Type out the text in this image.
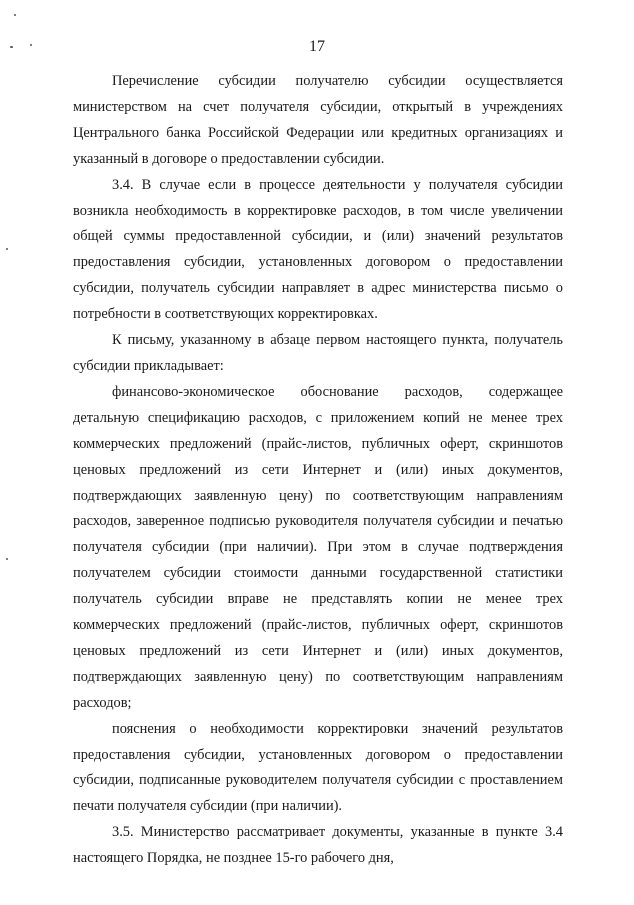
17

Перечисление субсидии получателю субсидии осуществляется министерством на счет получателя субсидии, открытый в учреждениях Центрального банка Российской Федерации или кредитных организациях и указанный в договоре о предоставлении субсидии.

3.4. В случае если в процессе деятельности у получателя субсидии возникла необходимость в корректировке расходов, в том числе увеличении общей суммы предоставленной субсидии, и (или) значений результатов предоставления субсидии, установленных договором о предоставлении субсидии, получатель субсидии направляет в адрес министерства письмо о потребности в соответствующих корректировках.

К письму, указанному в абзаце первом настоящего пункта, получатель субсидии прикладывает:

финансово-экономическое обоснование расходов, содержащее детальную спецификацию расходов, с приложением копий не менее трех коммерческих предложений (прайс-листов, публичных оферт, скриншотов ценовых предложений из сети Интернет и (или) иных документов, подтверждающих заявленную цену) по соответствующим направлениям расходов, заверенное подписью руководителя получателя субсидии и печатью получателя субсидии (при наличии). При этом в случае подтверждения получателем субсидии стоимости данными государственной статистики получатель субсидии вправе не представлять копии не менее трех коммерческих предложений (прайс-листов, публичных оферт, скриншотов ценовых предложений из сети Интернет и (или) иных документов, подтверждающих заявленную цену) по соответствующим направлениям расходов;

пояснения о необходимости корректировки значений результатов предоставления субсидии, установленных договором о предоставлении субсидии, подписанные руководителем получателя субсидии с проставлением печати получателя субсидии (при наличии).

3.5. Министерство рассматривает документы, указанные в пункте 3.4 настоящего Порядка, не позднее 15-го рабочего дня,
